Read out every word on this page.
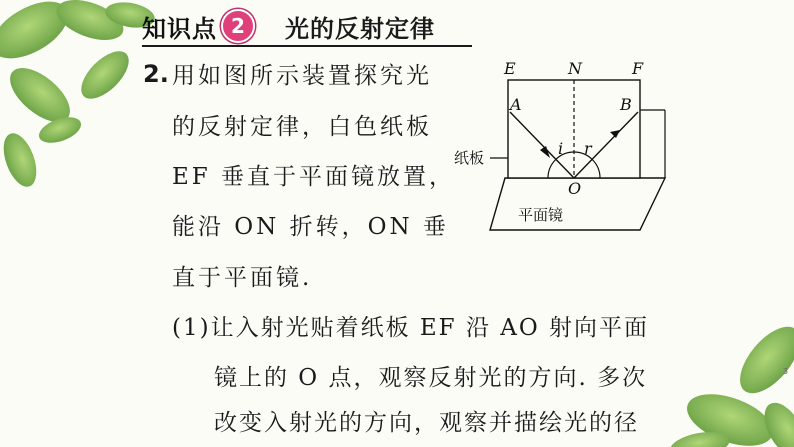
知识点 2	光的反射定律
2. 用如图所示装置探究光
的反射定律，白色纸板
EF 垂直于平面镜放置，
能沿 ON 折转，ON 垂
直于平面镜.
(1)让入射光贴着纸板 EF 沿 AO 射向平面
镜上的 O 点，观察反射光的方向. 多次
改变入射光的方向，观察并描绘光的径
E	N	F
A	B
i r
O
纸板
平面镜
3
